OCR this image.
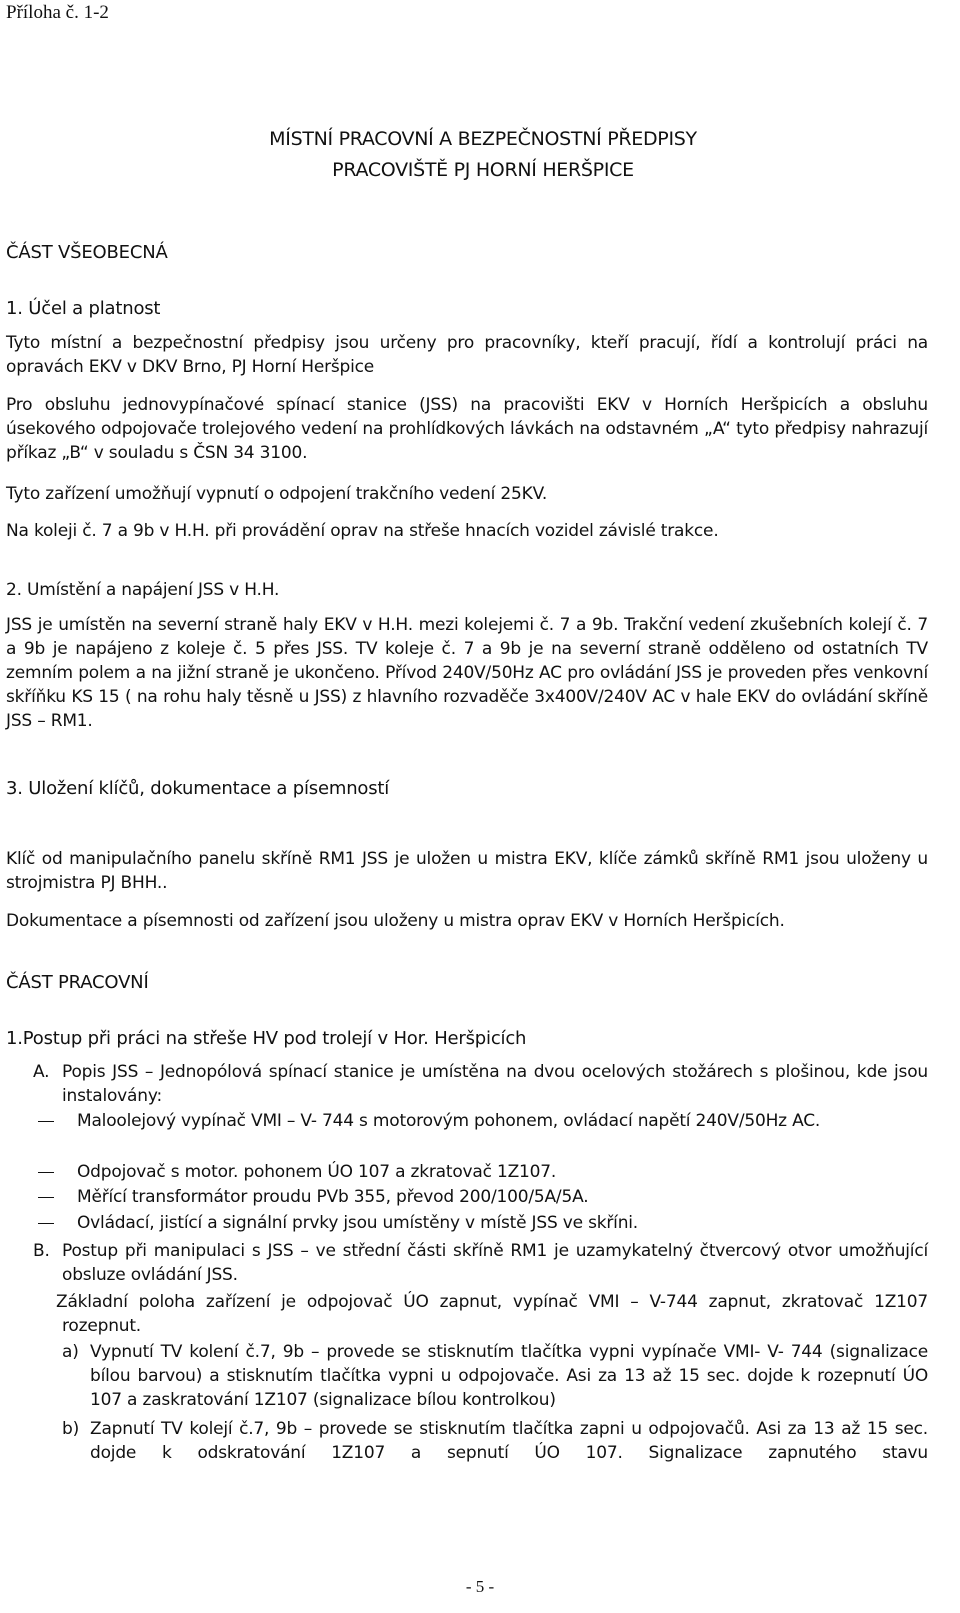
Příloha č. 1-2
MÍSTNÍ PRACOVNÍ A BEZPEČNOSTNÍ PŘEDPISY
PRACOVIŠTĚ PJ HORNÍ HERŠPICE
ČÁST VŠEOBECNÁ
1. Účel a platnost
Tyto místní a bezpečnostní předpisy jsou určeny pro pracovníky, kteří pracují, řídí a kontrolují práci na opravách EKV v DKV Brno, PJ Horní Heršpice
Pro obsluhu jednovypínačové spínací stanice (JSS) na pracovišti EKV v Horních Heršpicích a obsluhu úsekového odpojovače trolejového vedení na prohlídkových lávkách na odstavném „A“ tyto předpisy nahrazují příkaz „B“ v souladu s ČSN 34 3100.
Tyto zařízení umožňují vypnutí o odpojení trakčního vedení 25KV.
Na koleji č. 7 a 9b v H.H. při provádění oprav na střeše hnacích vozidel závislé trakce.
2. Umístění a napájení JSS v H.H.
JSS je umístěn na severní straně haly EKV v H.H. mezi kolejemi č. 7 a 9b. Trakční vedení zkušebních kolejí č. 7 a 9b je napájeno z koleje č. 5 přes JSS. TV koleje č. 7 a 9b je na severní straně odděleno od ostatních TV zemním polem a na jižní straně je ukončeno. Přívod 240V/50Hz AC pro ovládání JSS je proveden přes venkovní skříňku KS 15 ( na rohu haly těsně u JSS) z hlavního rozvaděče 3x400V/240V AC v hale EKV do ovládání skříně JSS – RM1.
3. Uložení klíčů, dokumentace a písemností
Klíč od manipulačního panelu skříně RM1 JSS je uložen u mistra EKV, klíče zámků skříně RM1 jsou uloženy u strojmistra PJ BHH..
Dokumentace a písemnosti od zařízení jsou uloženy u mistra oprav EKV v Horních Heršpicích.
ČÁST PRACOVNÍ
1.Postup při práci na střeše HV pod trolejí v Hor. Heršpicích
A. Popis JSS – Jednopólová spínací stanice je umístěna na dvou ocelových stožárech s plošinou, kde jsou instalovány:
Maloolejový vypínač VMI – V- 744 s motorovým pohonem, ovládací napětí 240V/50Hz AC.
Odpojovač s motor. pohonem ÚO 107 a zkratovač 1Z107.
Měřící transformátor proudu PVb 355, převod 200/100/5A/5A.
Ovládací, jistící a signální prvky jsou umístěny v místě JSS ve skříni.
B. Postup při manipulaci s JSS – ve střední části skříně RM1 je uzamykatelný čtvercový otvor umožňující obsluze ovládání JSS.
Základní poloha zařízení je odpojovač ÚO zapnut, vypínač VMI – V-744 zapnut, zkratovač 1Z107 rozepnut.
a) Vypnutí TV kolení č.7, 9b – provede se stisknutím tlačítka vypni vypínače VMI- V- 744 (signalizace bílou barvou) a stisknutím tlačítka vypni u odpojovače. Asi za 13 až 15 sec. dojde k rozepnutí ÚO 107 a zaskratování 1Z107 (signalizace bílou kontrolkou)
b) Zapnutí TV kolejí č.7, 9b – provede se stisknutím tlačítka zapni u odpojovačů. Asi za 13 až 15 sec. dojde k odskratování 1Z107 a sepnutí ÚO 107. Signalizace zapnutého stavu
- 5 -
